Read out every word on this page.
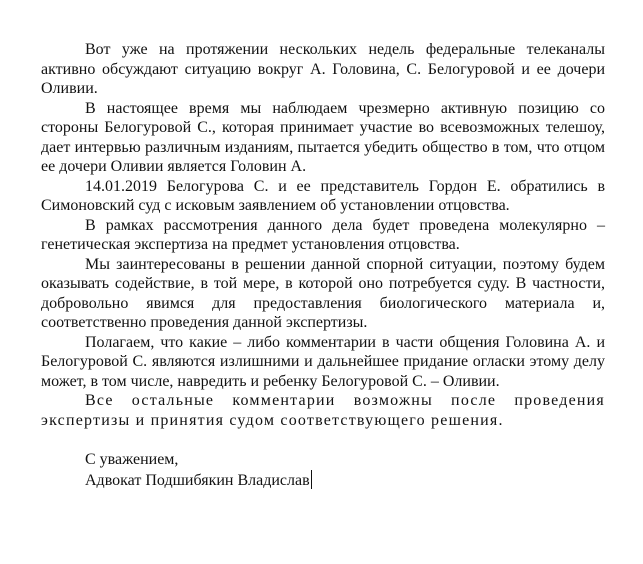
Вот уже на протяжении нескольких недель федеральные телеканалы активно обсуждают ситуацию вокруг А. Головина, С. Белогуровой и ее дочери Оливии.

В настоящее время мы наблюдаем чрезмерно активную позицию со стороны Белогуровой С., которая принимает участие во всевозможных телешоу, дает интервью различным изданиям, пытается убедить общество в том, что отцом ее дочери Оливии является Головин А.

14.01.2019 Белогурова С. и ее представитель Гордон Е. обратились в Симоновский суд с исковым заявлением об установлении отцовства.

В рамках рассмотрения данного дела будет проведена молекулярно – генетическая экспертиза на предмет установления отцовства.

Мы заинтересованы в решении данной спорной ситуации, поэтому будем оказывать содействие, в той мере, в которой оно потребуется суду. В частности, добровольно явимся для предоставления биологического материала и, соответственно проведения данной экспертизы.

Полагаем, что какие – либо комментарии в части общения Головина А. и Белогуровой С. являются излишними и дальнейшее придание огласки этому делу может, в том числе, навредить и ребенку Белогуровой С. – Оливии.

Все остальные комментарии возможны после проведения экспертизы и принятия судом соответствующего решения.

С уважением,
Адвокат Подшибякин Владислав
